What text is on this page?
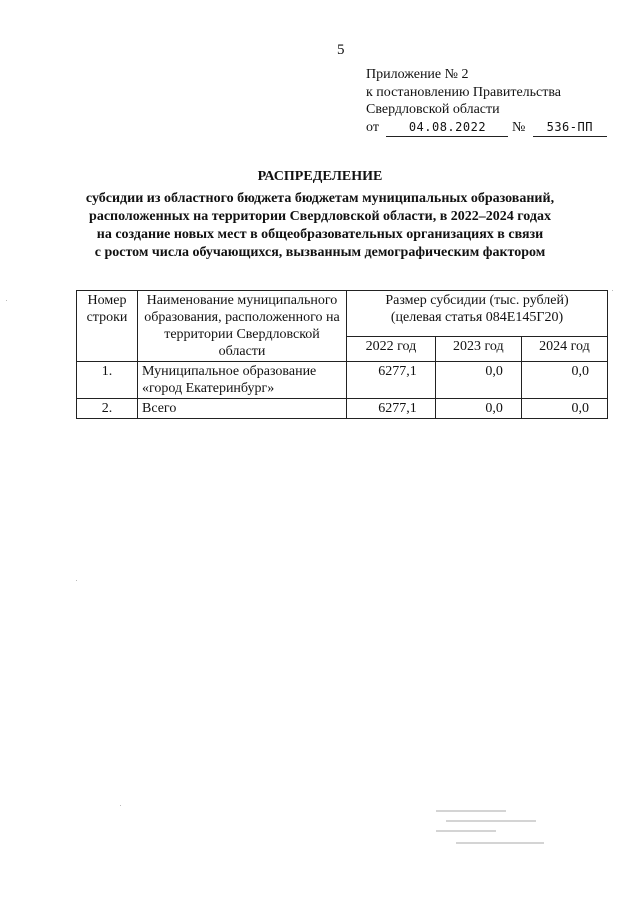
5
Приложение № 2
к постановлению Правительства
Свердловской области
от 04.08.2022 № 536-ПП
РАСПРЕДЕЛЕНИЕ
субсидии из областного бюджета бюджетам муниципальных образований,
расположенных на территории Свердловской области, в 2022–2024 годах
на создание новых мест в общеобразовательных организациях в связи
с ростом числа обучающихся, вызванным демографическим фактором
Номер строки	Наименование муниципального образования, расположенного на территории Свердловской области	Размер субсидии (тыс. рублей)
(целевая статья 084E145Г20)		

		2022 год	2023 год	2024 год
1.	Муниципальное образование «город Екатеринбург»	6277,1	0,0	0,0
2.	Всего	6277,1	0,0	0,0
